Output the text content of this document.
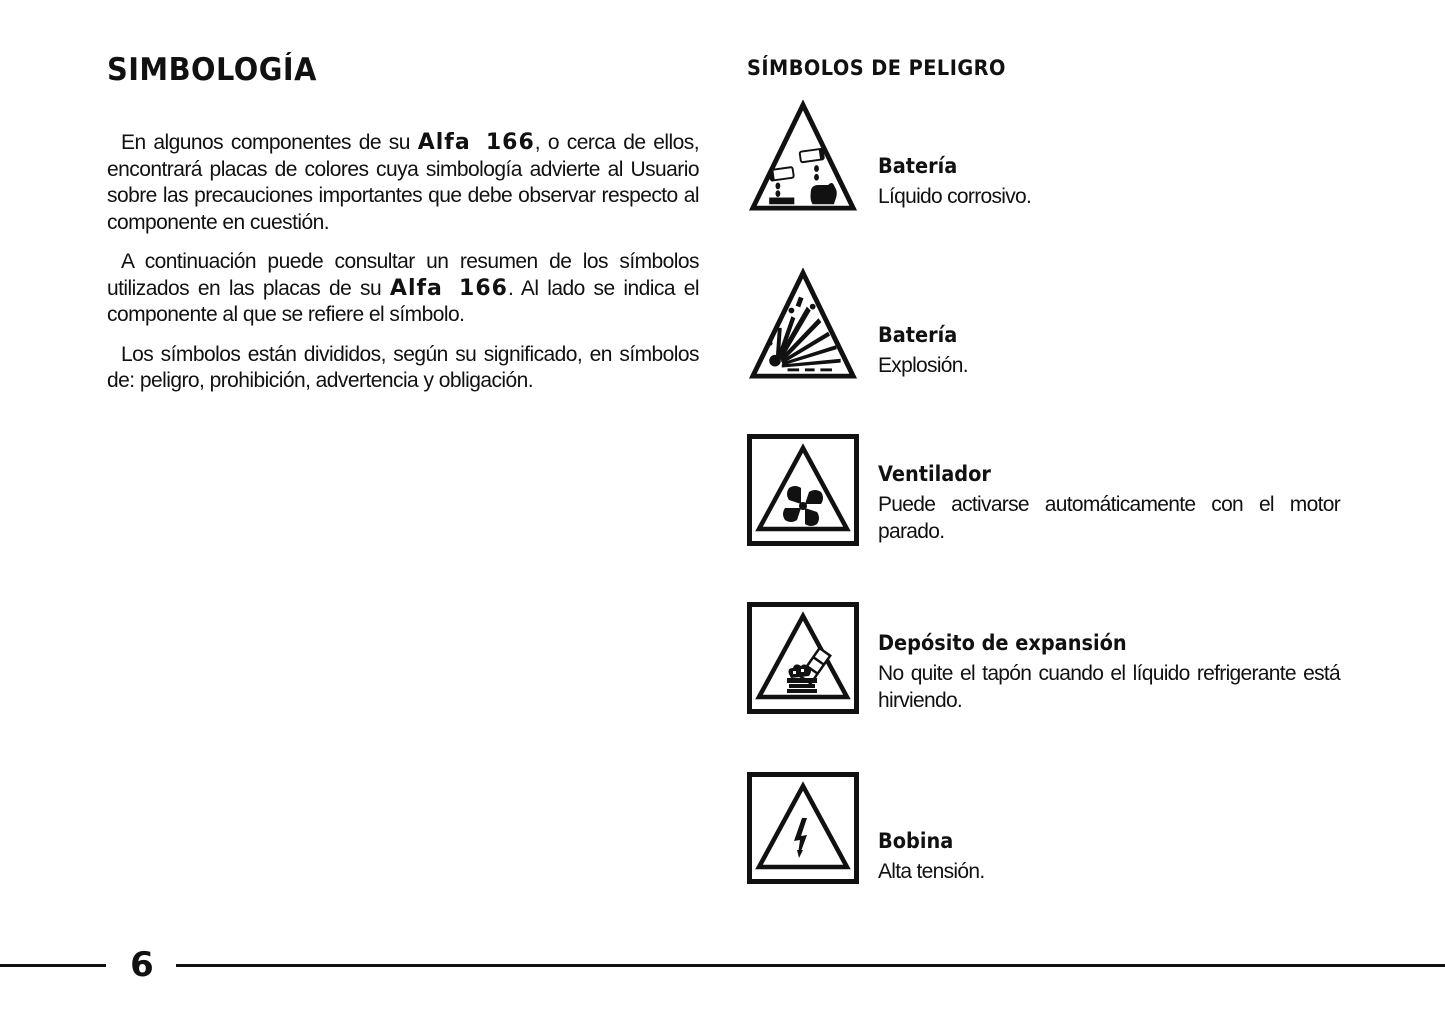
SIMBOLOGÍA

En algunos componentes de su Alfa 166, o cerca de ellos, encontrará placas de colores cuya simbología advierte al Usuario sobre las precauciones importantes que debe observar respecto al componente en cuestión.

A continuación puede consultar un resumen de los símbolos utilizados en las placas de su Alfa 166. Al lado se indica el componente al que se refiere el símbolo.

Los símbolos están divididos, según su significado, en símbolos de: peligro, prohibición, advertencia y obligación.

SÍMBOLOS DE PELIGRO

Batería

Líquido corrosivo.

Batería

Explosión.

Ventilador

Puede activarse automáticamente con el motor parado.

Depósito de expansión

No quite el tapón cuando el líquido refrigerante está hirviendo.

Bobina

Alta tensión.

6
